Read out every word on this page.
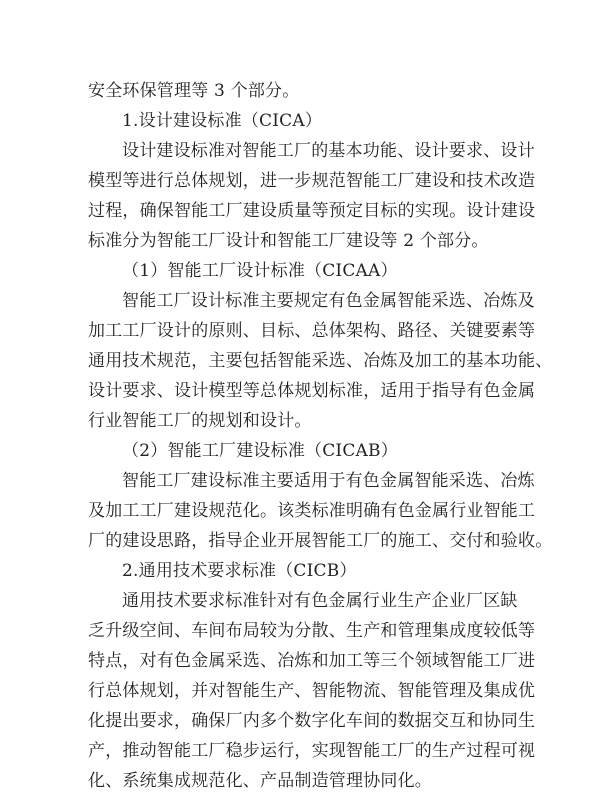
安全环保管理等 3 个部分。
1.设计建设标准（CICA）
设计建设标准对智能工厂的基本功能、设计要求、设计
模型等进行总体规划，进一步规范智能工厂建设和技术改造
过程，确保智能工厂建设质量等预定目标的实现。设计建设
标准分为智能工厂设计和智能工厂建设等 2 个部分。
（1）智能工厂设计标准（CICAA）
智能工厂设计标准主要规定有色金属智能采选、冶炼及
加工工厂设计的原则、目标、总体架构、路径、关键要素等
通用技术规范，主要包括智能采选、冶炼及加工的基本功能、
设计要求、设计模型等总体规划标准，适用于指导有色金属
行业智能工厂的规划和设计。
（2）智能工厂建设标准（CICAB）
智能工厂建设标准主要适用于有色金属智能采选、冶炼
及加工工厂建设规范化。该类标准明确有色金属行业智能工
厂的建设思路，指导企业开展智能工厂的施工、交付和验收。
2.通用技术要求标准（CICB）
通用技术要求标准针对有色金属行业生产企业厂区缺
乏升级空间、车间布局较为分散、生产和管理集成度较低等
特点，对有色金属采选、冶炼和加工等三个领域智能工厂进
行总体规划，并对智能生产、智能物流、智能管理及集成优
化提出要求，确保厂内多个数字化车间的数据交互和协同生
产，推动智能工厂稳步运行，实现智能工厂的生产过程可视
化、系统集成规范化、产品制造管理协同化。
